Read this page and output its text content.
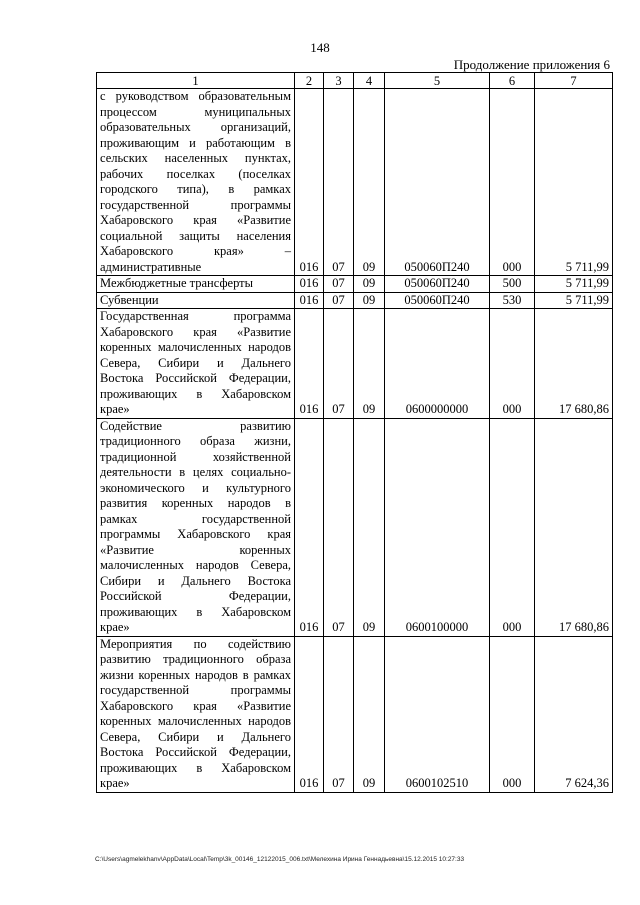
148
Продолжение приложения 6
1	2	3	4	5	6	7
с руководством образовательным процессом муниципальных образовательных организаций, проживающим и работающим в сельских населенных пунктах, рабочих поселках (поселках городского типа), в рамках государственной программы Хабаровского края «Развитие социальной защиты населения Хабаровского края» – административные	016	07	09	050060П240	000	5 711,99
Межбюджетные трансферты	016	07	09	050060П240	500	5 711,99
Субвенции	016	07	09	050060П240	530	5 711,99
Государственная программа Хабаровского края «Развитие коренных малочисленных народов Севера, Сибири и Дальнего Востока Российской Федерации, проживающих в Хабаровском крае»	016	07	09	0600000000	000	17 680,86
Содействие развитию традиционного образа жизни, традиционной хозяйственной деятельности в целях социально-экономического и культурного развития коренных народов в рамках государственной программы Хабаровского края «Развитие коренных малочисленных народов Севера, Сибири и Дальнего Востока Российской Федерации, проживающих в Хабаровском крае»	016	07	09	0600100000	000	17 680,86
Мероприятия по содействию развитию традиционного образа жизни коренных народов в рамках государственной программы Хабаровского края «Развитие коренных малочисленных народов Севера, Сибири и Дальнего Востока Российской Федерации, проживающих в Хабаровском крае»	016	07	09	0600102510	000	7 624,36
C:\Users\agmelekhanv\AppData\Local\Temp\3k_00146_12122015_006.txt\Мелехина Ирина Геннадьевна\15.12.2015 10:27:33
